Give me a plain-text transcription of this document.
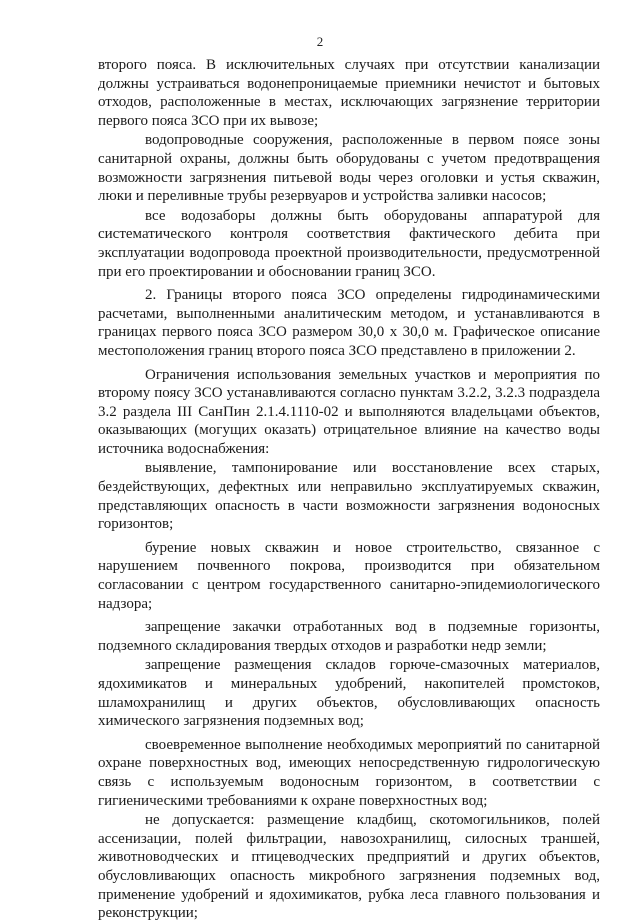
2

второго пояса. В исключительных случаях при отсутствии канализации должны устраиваться водонепроницаемые приемники нечистот и бытовых отходов, расположенные в местах, исключающих загрязнение территории первого пояса ЗСО при их вывозе;

водопроводные сооружения, расположенные в первом поясе зоны санитарной охраны, должны быть оборудованы с учетом предотвращения возможности загрязнения питьевой воды через оголовки и устья скважин, люки и переливные трубы резервуаров и устройства заливки насосов;

все водозаборы должны быть оборудованы аппаратурой для систематического контроля соответствия фактического дебита при эксплуатации водопровода проектной производительности, предусмотренной при его проектировании и обосновании границ ЗСО.

2. Границы второго пояса ЗСО определены гидродинамическими расчетами, выполненными аналитическим методом, и устанавливаются в границах первого пояса ЗСО размером 30,0 х 30,0 м. Графическое описание местоположения границ второго пояса ЗСО представлено в приложении 2.

Ограничения использования земельных участков и мероприятия по второму поясу ЗСО устанавливаются согласно пунктам 3.2.2, 3.2.3 подраздела 3.2 раздела III СанПин 2.1.4.1110-02 и выполняются владельцами объектов, оказывающих (могущих оказать) отрицательное влияние на качество воды источника водоснабжения:

выявление, тампонирование или восстановление всех старых, бездействующих, дефектных или неправильно эксплуатируемых скважин, представляющих опасность в части возможности загрязнения водоносных горизонтов;

бурение новых скважин и новое строительство, связанное с нарушением почвенного покрова, производится при обязательном согласовании с центром государственного санитарно-эпидемиологического надзора;

запрещение закачки отработанных вод в подземные горизонты, подземного складирования твердых отходов и разработки недр земли;

запрещение размещения складов горюче-смазочных материалов, ядохимикатов и минеральных удобрений, накопителей промстоков, шламохранилищ и других объектов, обусловливающих опасность химического загрязнения подземных вод;

своевременное выполнение необходимых мероприятий по санитарной охране поверхностных вод, имеющих непосредственную гидрологическую связь с используемым водоносным горизонтом, в соответствии с гигиеническими требованиями к охране поверхностных вод;

не допускается: размещение кладбищ, скотомогильников, полей ассенизации, полей фильтрации, навозохранилищ, силосных траншей, животноводческих и птицеводческих предприятий и других объектов, обусловливающих опасность микробного загрязнения подземных вод, применение удобрений и ядохимикатов, рубка леса главного пользования и реконструкции;
